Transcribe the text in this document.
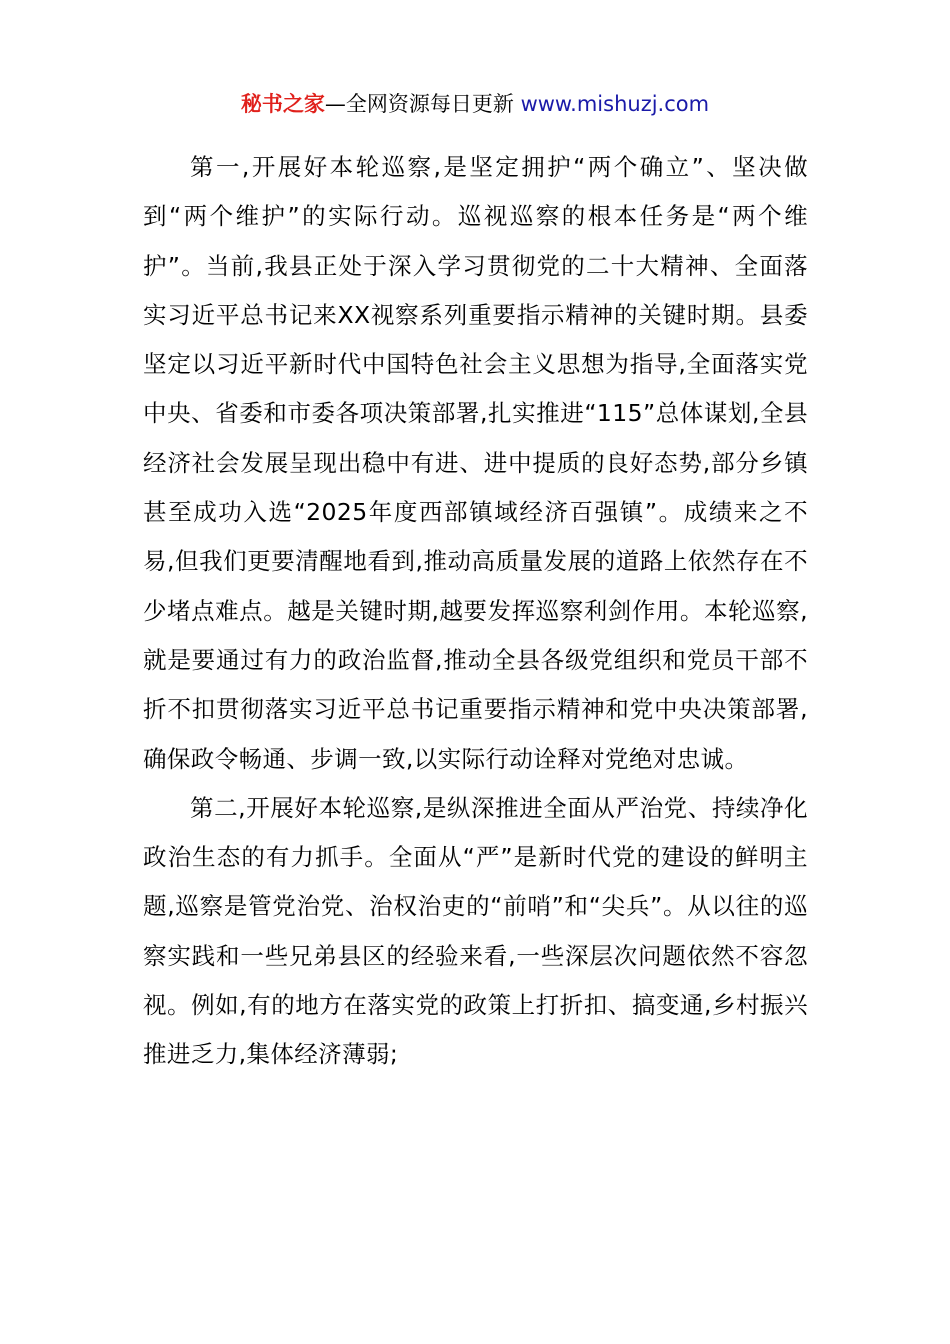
秘书之家—全网资源每日更新 www.mishuzj.com

第一,开展好本轮巡察,是坚定拥护“两个确立”、坚决做到“两个维护”的实际行动。巡视巡察的根本任务是“两个维护”。当前,我县正处于深入学习贯彻党的二十大精神、全面落实习近平总书记来XX视察系列重要指示精神的关键时期。县委坚定以习近平新时代中国特色社会主义思想为指导,全面落实党中央、省委和市委各项决策部署,扎实推进“115”总体谋划,全县经济社会发展呈现出稳中有进、进中提质的良好态势,部分乡镇甚至成功入选“2025年度西部镇域经济百强镇”。成绩来之不易,但我们更要清醒地看到,推动高质量发展的道路上依然存在不少堵点难点。越是关键时期,越要发挥巡察利剑作用。本轮巡察,就是要通过有力的政治监督,推动全县各级党组织和党员干部不折不扣贯彻落实习近平总书记重要指示精神和党中央决策部署,确保政令畅通、步调一致,以实际行动诠释对党绝对忠诚。

第二,开展好本轮巡察,是纵深推进全面从严治党、持续净化政治生态的有力抓手。全面从“严”是新时代党的建设的鲜明主题,巡察是管党治党、治权治吏的“前哨”和“尖兵”。从以往的巡察实践和一些兄弟县区的经验来看,一些深层次问题依然不容忽视。例如,有的地方在落实党的政策上打折扣、搞变通,乡村振兴推进乏力,集体经济薄弱;
